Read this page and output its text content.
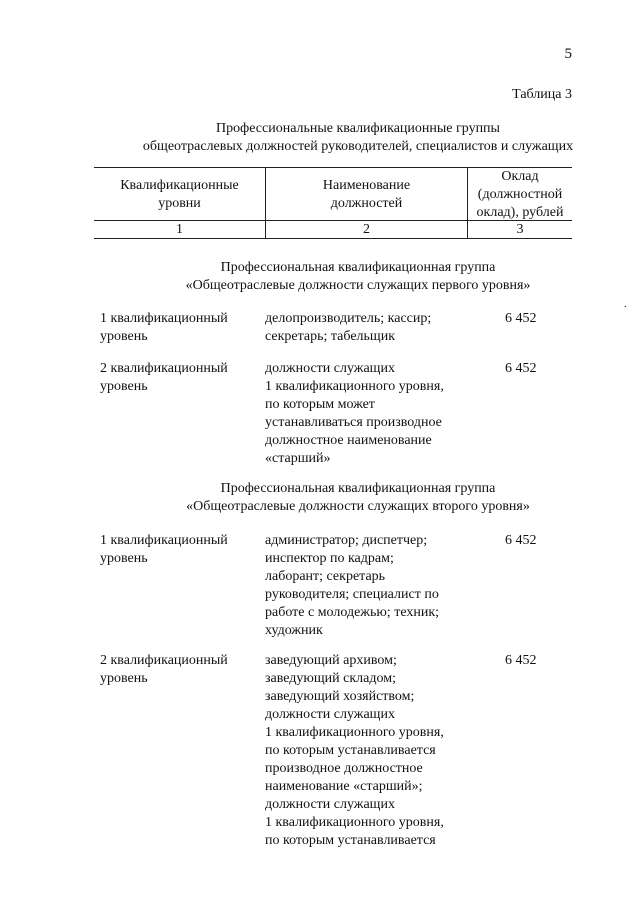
5
Таблица 3
Профессиональные квалификационные группы
общеотраслевых должностей руководителей, специалистов и служащих
Квалификационные
уровни
Наименование
должностей
Оклад
(должностной
оклад), рублей
1	2	3
Профессиональная квалификационная группа
«Общеотраслевые должности служащих первого уровня»
1 квалификационный
уровень
делопроизводитель; кассир;
секретарь; табельщик
6 452
2 квалификационный
уровень
должности служащих
1 квалификационного уровня,
по которым может
устанавливаться производное
должностное наименование
«старший»
6 452
Профессиональная квалификационная группа
«Общеотраслевые должности служащих второго уровня»
1 квалификационный
уровень
администратор; диспетчер;
инспектор по кадрам;
лаборант; секретарь
руководителя; специалист по
работе с молодежью; техник;
художник
6 452
2 квалификационный
уровень
заведующий архивом;
заведующий складом;
заведующий хозяйством;
должности служащих
1 квалификационного уровня,
по которым устанавливается
производное должностное
наименование «старший»;
должности служащих
1 квалификационного уровня,
по которым устанавливается
6 452
.
